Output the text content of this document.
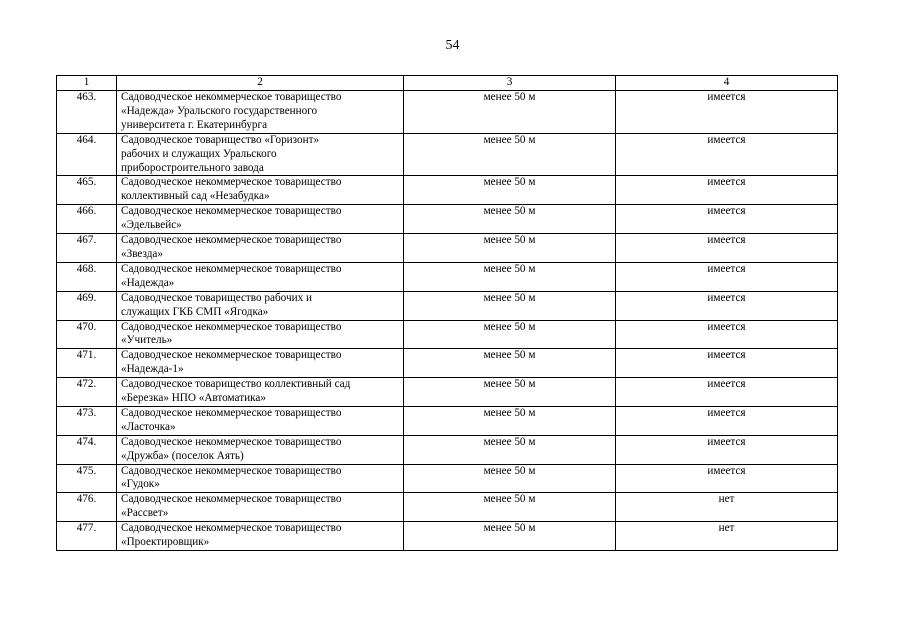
54
1	2	3	4
463.	Садоводческое некоммерческое товарищество
«Надежда» Уральского государственного
университета г. Екатеринбурга	менее 50 м	имеется
464.	Садоводческое товарищество «Горизонт»
рабочих и служащих Уральского
приборостроительного завода	менее 50 м	имеется
465.	Садоводческое некоммерческое товарищество
коллективный сад «Незабудка»	менее 50 м	имеется
466.	Садоводческое некоммерческое товарищество
«Эдельвейс»	менее 50 м	имеется
467.	Садоводческое некоммерческое товарищество
«Звезда»	менее 50 м	имеется
468.	Садоводческое некоммерческое товарищество
«Надежда»	менее 50 м	имеется
469.	Садоводческое товарищество рабочих и
служащих ГКБ СМП «Ягодка»	менее 50 м	имеется
470.	Садоводческое некоммерческое товарищество
«Учитель»	менее 50 м	имеется
471.	Садоводческое некоммерческое товарищество
«Надежда-1»	менее 50 м	имеется
472.	Садоводческое товарищество коллективный сад
«Березка» НПО «Автоматика»	менее 50 м	имеется
473.	Садоводческое некоммерческое товарищество
«Ласточка»	менее 50 м	имеется
474.	Садоводческое некоммерческое товарищество
«Дружба» (поселок Аять)	менее 50 м	имеется
475.	Садоводческое некоммерческое товарищество
«Гудок»	менее 50 м	имеется
476.	Садоводческое некоммерческое товарищество
«Рассвет»	менее 50 м	нет
477.	Садоводческое некоммерческое товарищество
«Проектировщик»	менее 50 м	нет
